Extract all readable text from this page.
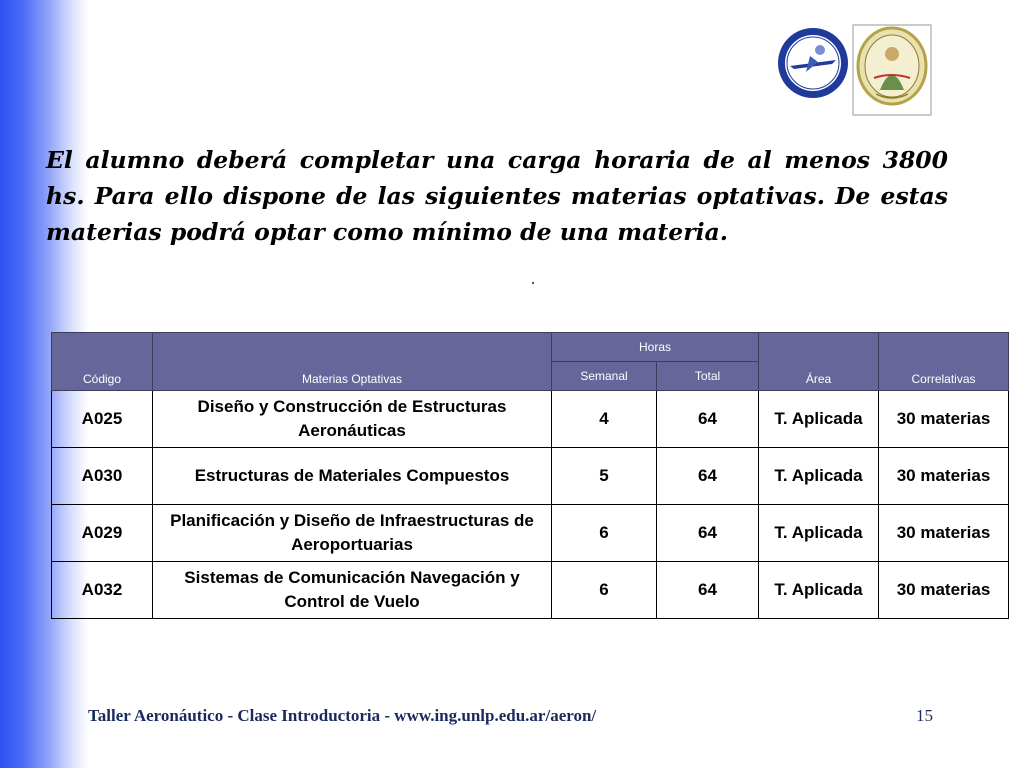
El alumno deberá completar una carga horaria de al menos 3800 hs. Para ello dispone de las siguientes materias optativas. De estas materias podrá optar como mínimo de una materia.

Código	Materias Optativas	Horas		Área	Correlativas
		Semanal	Total		
A025	Diseño y Construcción de Estructuras Aeronáuticas	4	64	T. Aplicada	30 materias
A030	Estructuras de Materiales Compuestos	5	64	T. Aplicada	30 materias
A029	Planificación y Diseño de Infraestructuras de Aeroportuarias	6	64	T. Aplicada	30 materias
A032	Sistemas de Comunicación Navegación y Control de Vuelo	6	64	T. Aplicada	30 materias
Taller Aeronáutico - Clase Introductoria - www.ing.unlp.edu.ar/aeron/	15
